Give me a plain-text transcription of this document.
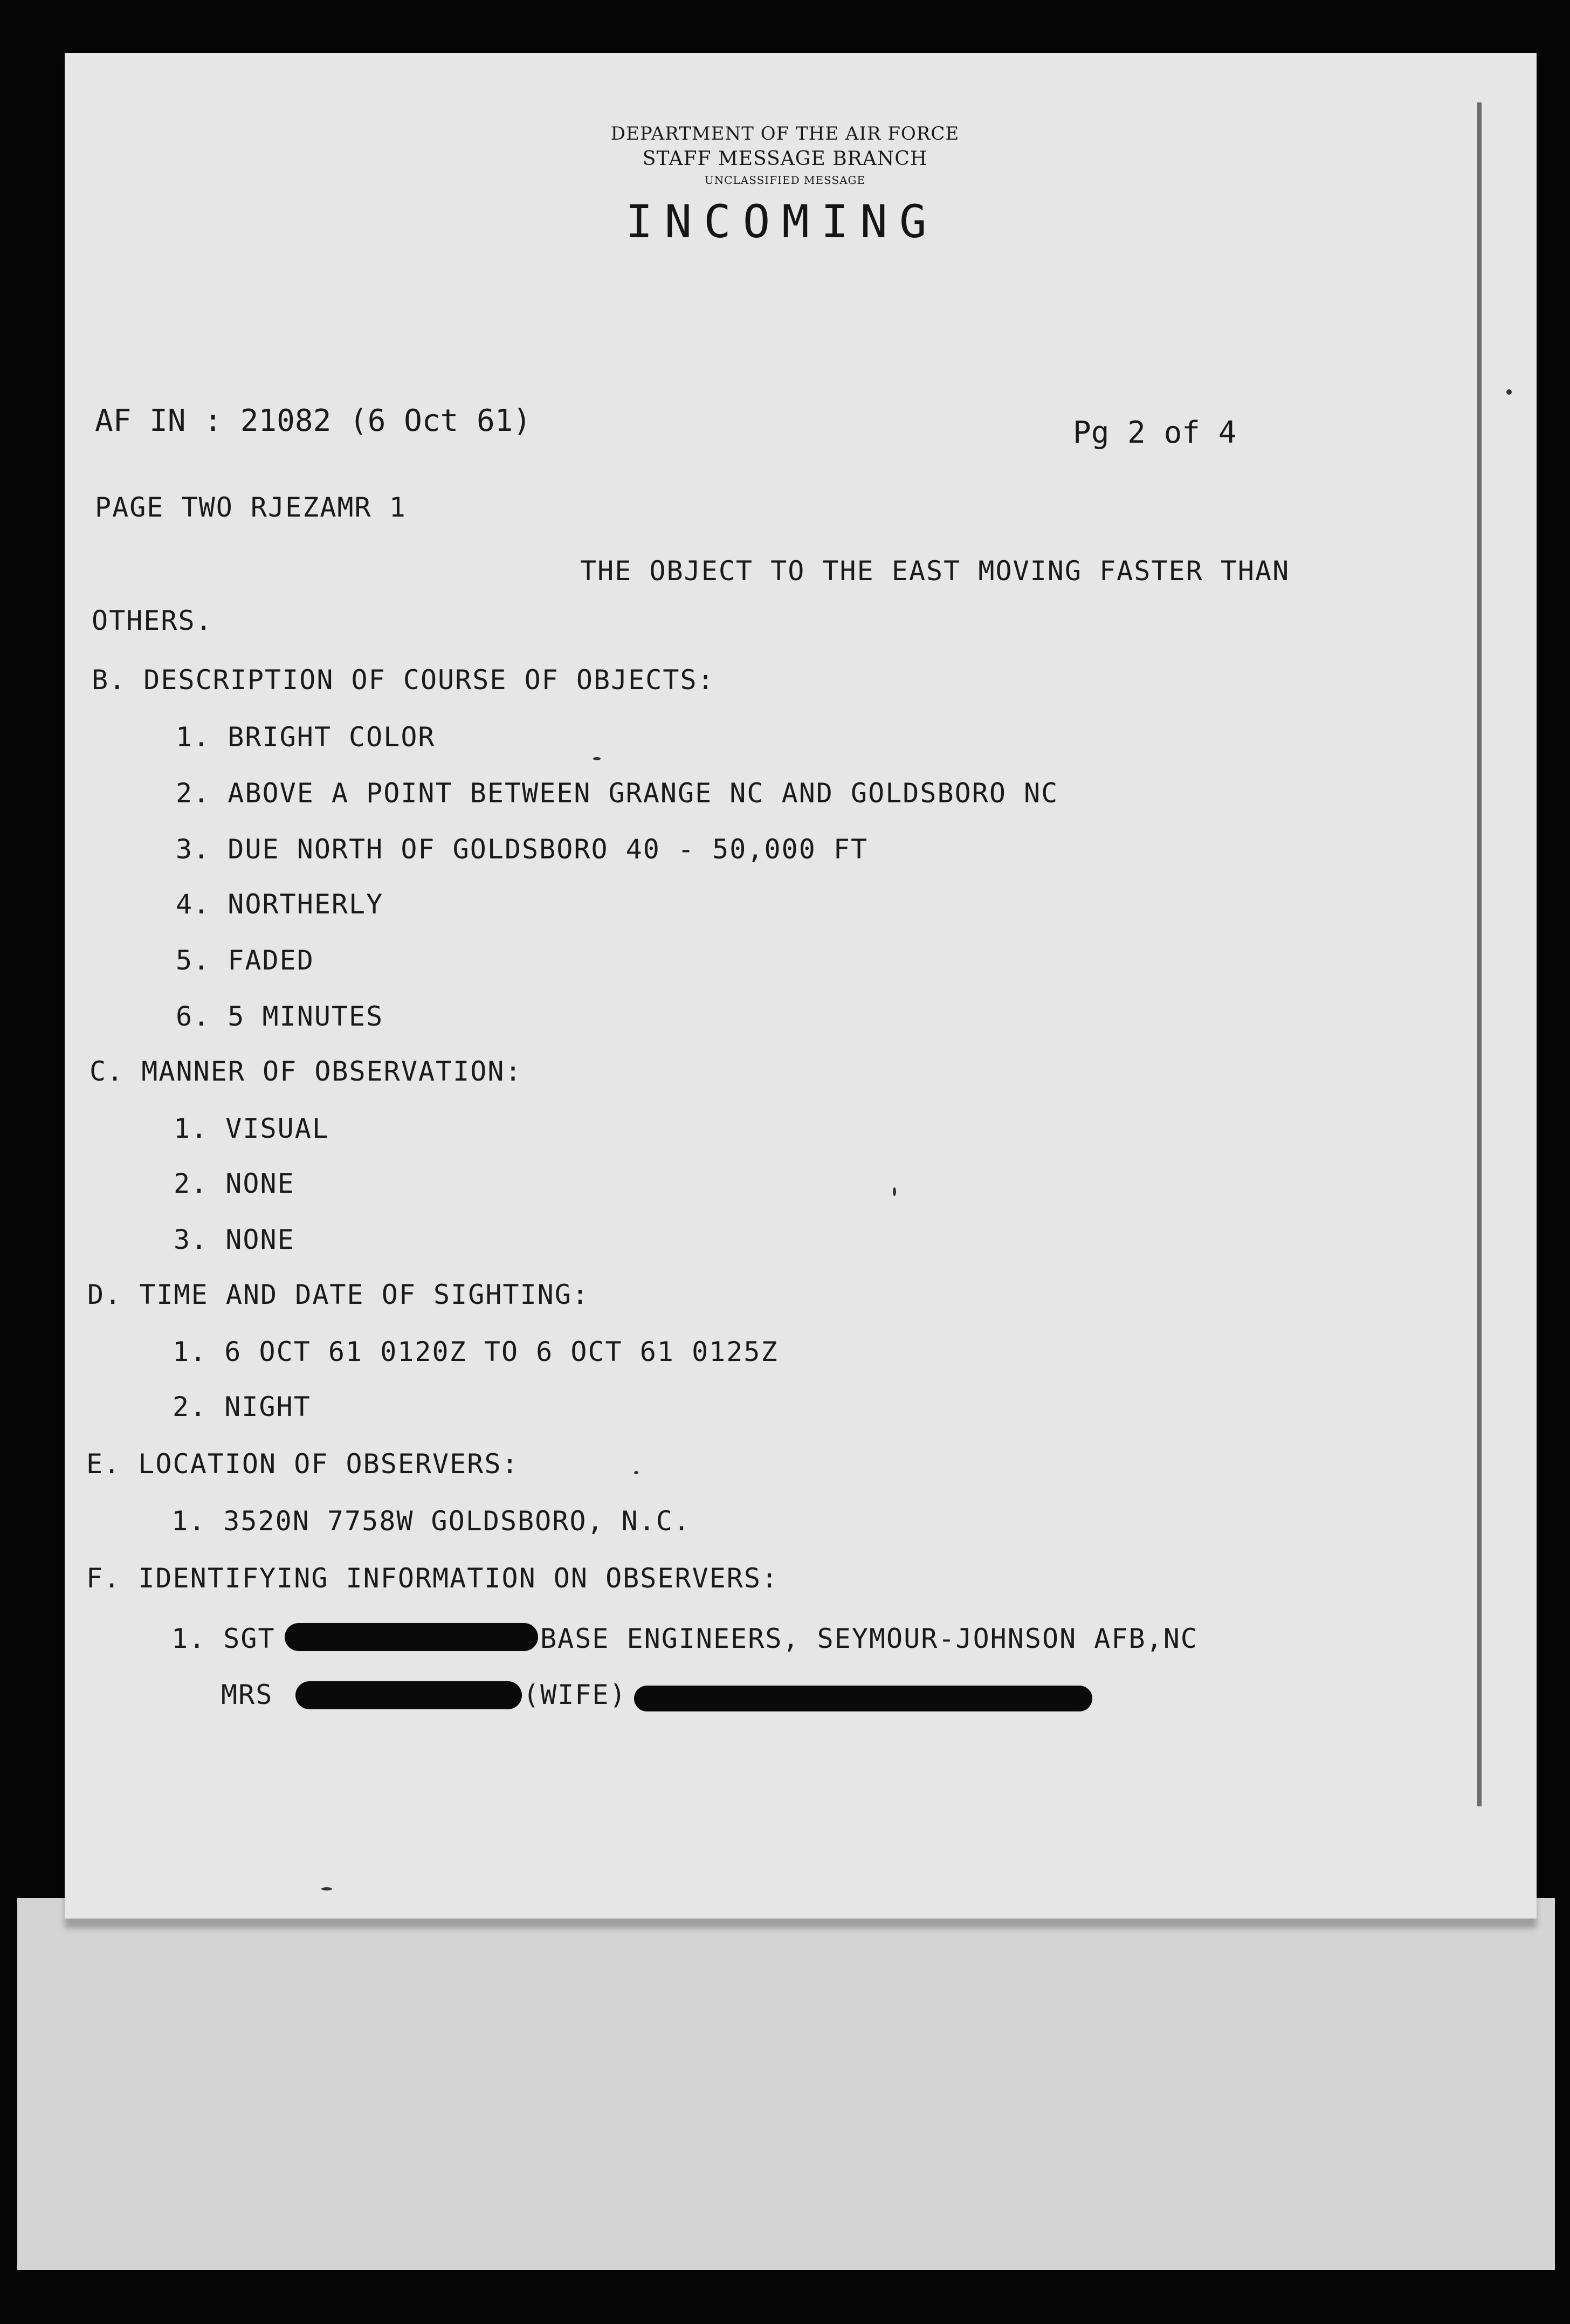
DEPARTMENT OF THE AIR FORCE
STAFF MESSAGE BRANCH
UNCLASSIFIED MESSAGE
INCOMING
AF IN : 21082 (6 Oct 61)	Pg 2 of 4
PAGE TWO RJEZAMR 1
THE OBJECT TO THE EAST MOVING FASTER THAN
OTHERS.
B. DESCRIPTION OF COURSE OF OBJECTS:
1. BRIGHT COLOR
2. ABOVE A POINT BETWEEN GRANGE NC AND GOLDSBORO NC
3. DUE NORTH OF GOLDSBORO 40 - 50,000 FT
4. NORTHERLY
5. FADED
6. 5 MINUTES
C. MANNER OF OBSERVATION:
1. VISUAL
2. NONE
3. NONE
D. TIME AND DATE OF SIGHTING:
1. 6 OCT 61 0120Z TO 6 OCT 61 0125Z
2. NIGHT
E. LOCATION OF OBSERVERS:
1. 3520N 7758W GOLDSBORO, N.C.
F. IDENTIFYING INFORMATION ON OBSERVERS:
1. SGT	BASE ENGINEERS, SEYMOUR-JOHNSON AFB,NC
MRS	(WIFE)
